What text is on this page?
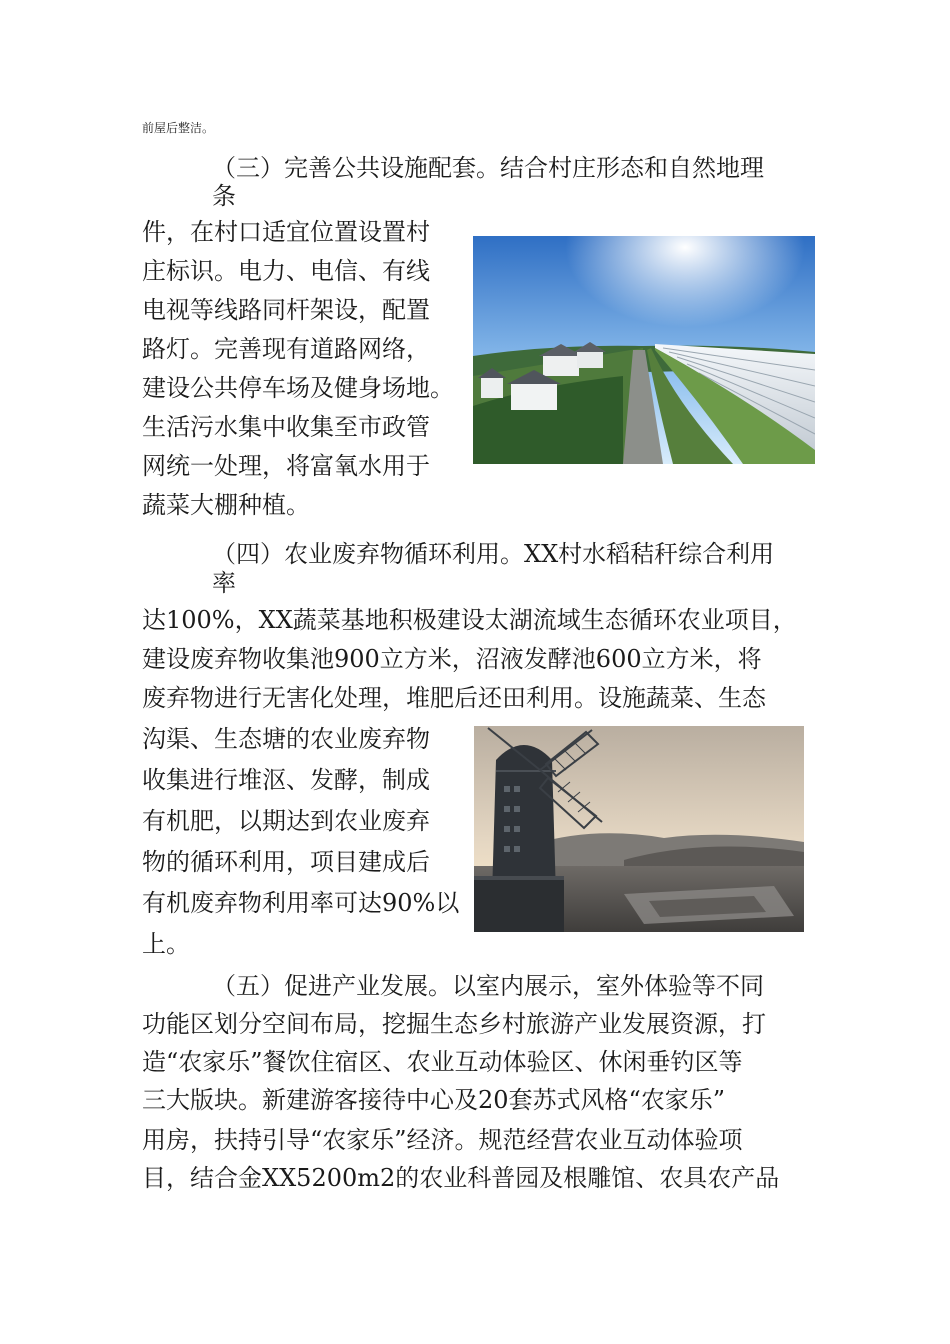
前屋后整洁。
（三）完善公共设施配套。结合村庄形态和自然地理
条
件，在村口适宜位置设置村
庄标识。电力、电信、有线
电视等线路同杆架设，配置
路灯。完善现有道路网络，
建设公共停车场及健身场地。
生活污水集中收集至市政管
网统一处理，将富氧水用于
蔬菜大棚种植。
（四）农业废弃物循环利用。XX村水稻秸秆综合利用
率
达100%，XX蔬菜基地积极建设太湖流域生态循环农业项目，
建设废弃物收集池900立方米，沼液发酵池600立方米，将
废弃物进行无害化处理，堆肥后还田利用。设施蔬菜、生态
沟渠、生态塘的农业废弃物
收集进行堆沤、发酵，制成
有机肥，以期达到农业废弃
物的循环利用，项目建成后
有机废弃物利用率可达90%以
上。
（五）促进产业发展。以室内展示，室外体验等不同
功能区划分空间布局，挖掘生态乡村旅游产业发展资源，打
造“农家乐”餐饮住宿区、农业互动体验区、休闲垂钓区等
三大版块。新建游客接待中心及20套苏式风格“农家乐”
用房，扶持引导“农家乐”经济。规范经营农业互动体验项
目，结合金XX5200m2的农业科普园及根雕馆、农具农产品
